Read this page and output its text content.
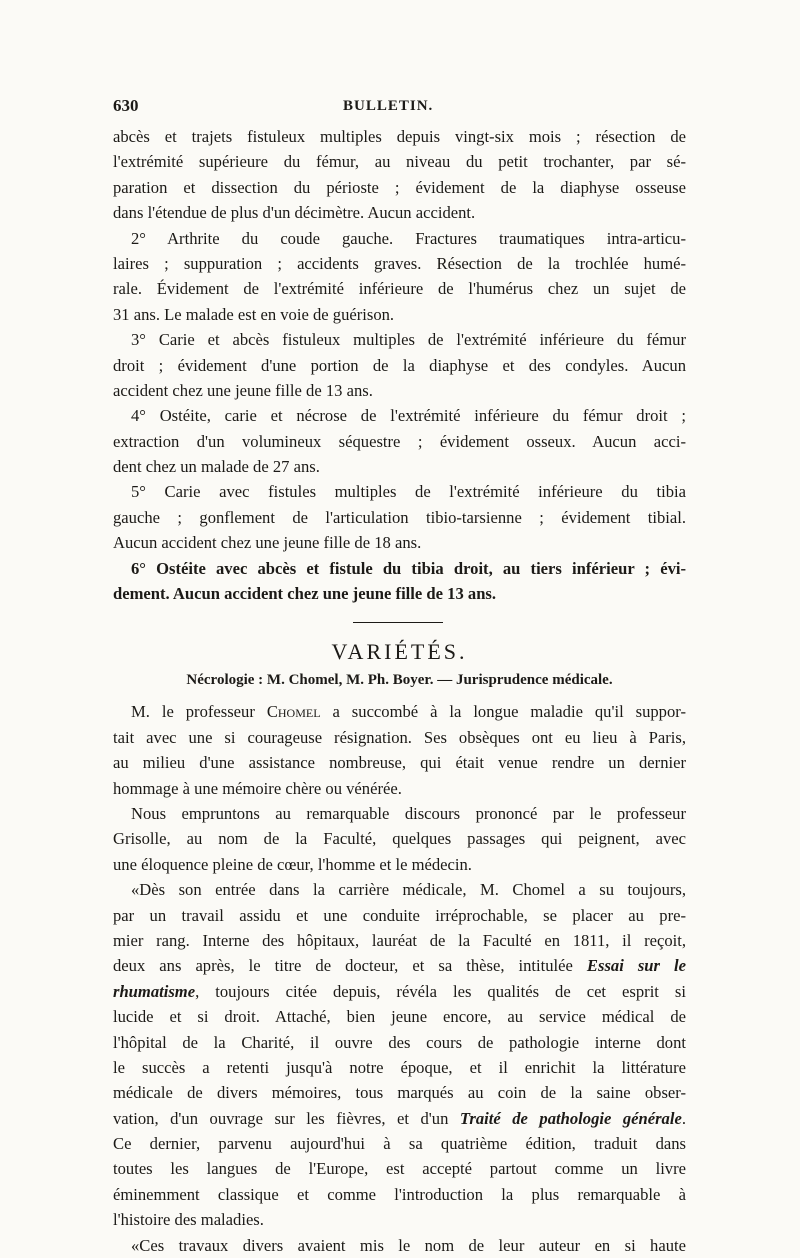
630	BULLETIN.
abcès et trajets fistuleux multiples depuis vingt-six mois ; résection de
l'extrémité supérieure du fémur, au niveau du petit trochanter, par sé-
paration et dissection du périoste ; évidement de la diaphyse osseuse
dans l'étendue de plus d'un décimètre. Aucun accident.
2° Arthrite du coude gauche. Fractures traumatiques intra-articu-
laires ; suppuration ; accidents graves. Résection de la trochlée humé-
rale. Évidement de l'extrémité inférieure de l'humérus chez un sujet de
31 ans. Le malade est en voie de guérison.
3° Carie et abcès fistuleux multiples de l'extrémité inférieure du fémur
droit ; évidement d'une portion de la diaphyse et des condyles. Aucun
accident chez une jeune fille de 13 ans.
4° Ostéite, carie et nécrose de l'extrémité inférieure du fémur droit ;
extraction d'un volumineux séquestre ; évidement osseux. Aucun acci-
dent chez un malade de 27 ans.
5° Carie avec fistules multiples de l'extrémité inférieure du tibia
gauche ; gonflement de l'articulation tibio-tarsienne ; évidement tibial.
Aucun accident chez une jeune fille de 18 ans.
6° Ostéite avec abcès et fistule du tibia droit, au tiers inférieur ; évi-
dement. Aucun accident chez une jeune fille de 13 ans.
VARIÉTÉS.
Nécrologie : M. Chomel, M. Ph. Boyer. — Jurisprudence médicale.
M. le professeur Chomel a succombé à la longue maladie qu'il suppor-
tait avec une si courageuse résignation. Ses obsèques ont eu lieu à Paris,
au milieu d'une assistance nombreuse, qui était venue rendre un dernier
hommage à une mémoire chère ou vénérée.
Nous empruntons au remarquable discours prononcé par le professeur
Grisolle, au nom de la Faculté, quelques passages qui peignent, avec
une éloquence pleine de cœur, l'homme et le médecin.
«Dès son entrée dans la carrière médicale, M. Chomel a su toujours,
par un travail assidu et une conduite irréprochable, se placer au pre-
mier rang. Interne des hôpitaux, lauréat de la Faculté en 1811, il reçoit,
deux ans après, le titre de docteur, et sa thèse, intitulée Essai sur le
rhumatisme, toujours citée depuis, révéla les qualités de cet esprit si
lucide et si droit. Attaché, bien jeune encore, au service médical de
l'hôpital de la Charité, il ouvre des cours de pathologie interne dont
le succès a retenti jusqu'à notre époque, et il enrichit la littérature
médicale de divers mémoires, tous marqués au coin de la saine obser-
vation, d'un ouvrage sur les fièvres, et d'un Traité de pathologie générale.
Ce dernier, parvenu aujourd'hui à sa quatrième édition, traduit dans
toutes les langues de l'Europe, est accepté partout comme un livre
éminemment classique et comme l'introduction la plus remarquable à
l'histoire des maladies.
«Ces travaux divers avaient mis le nom de leur auteur en si haute
